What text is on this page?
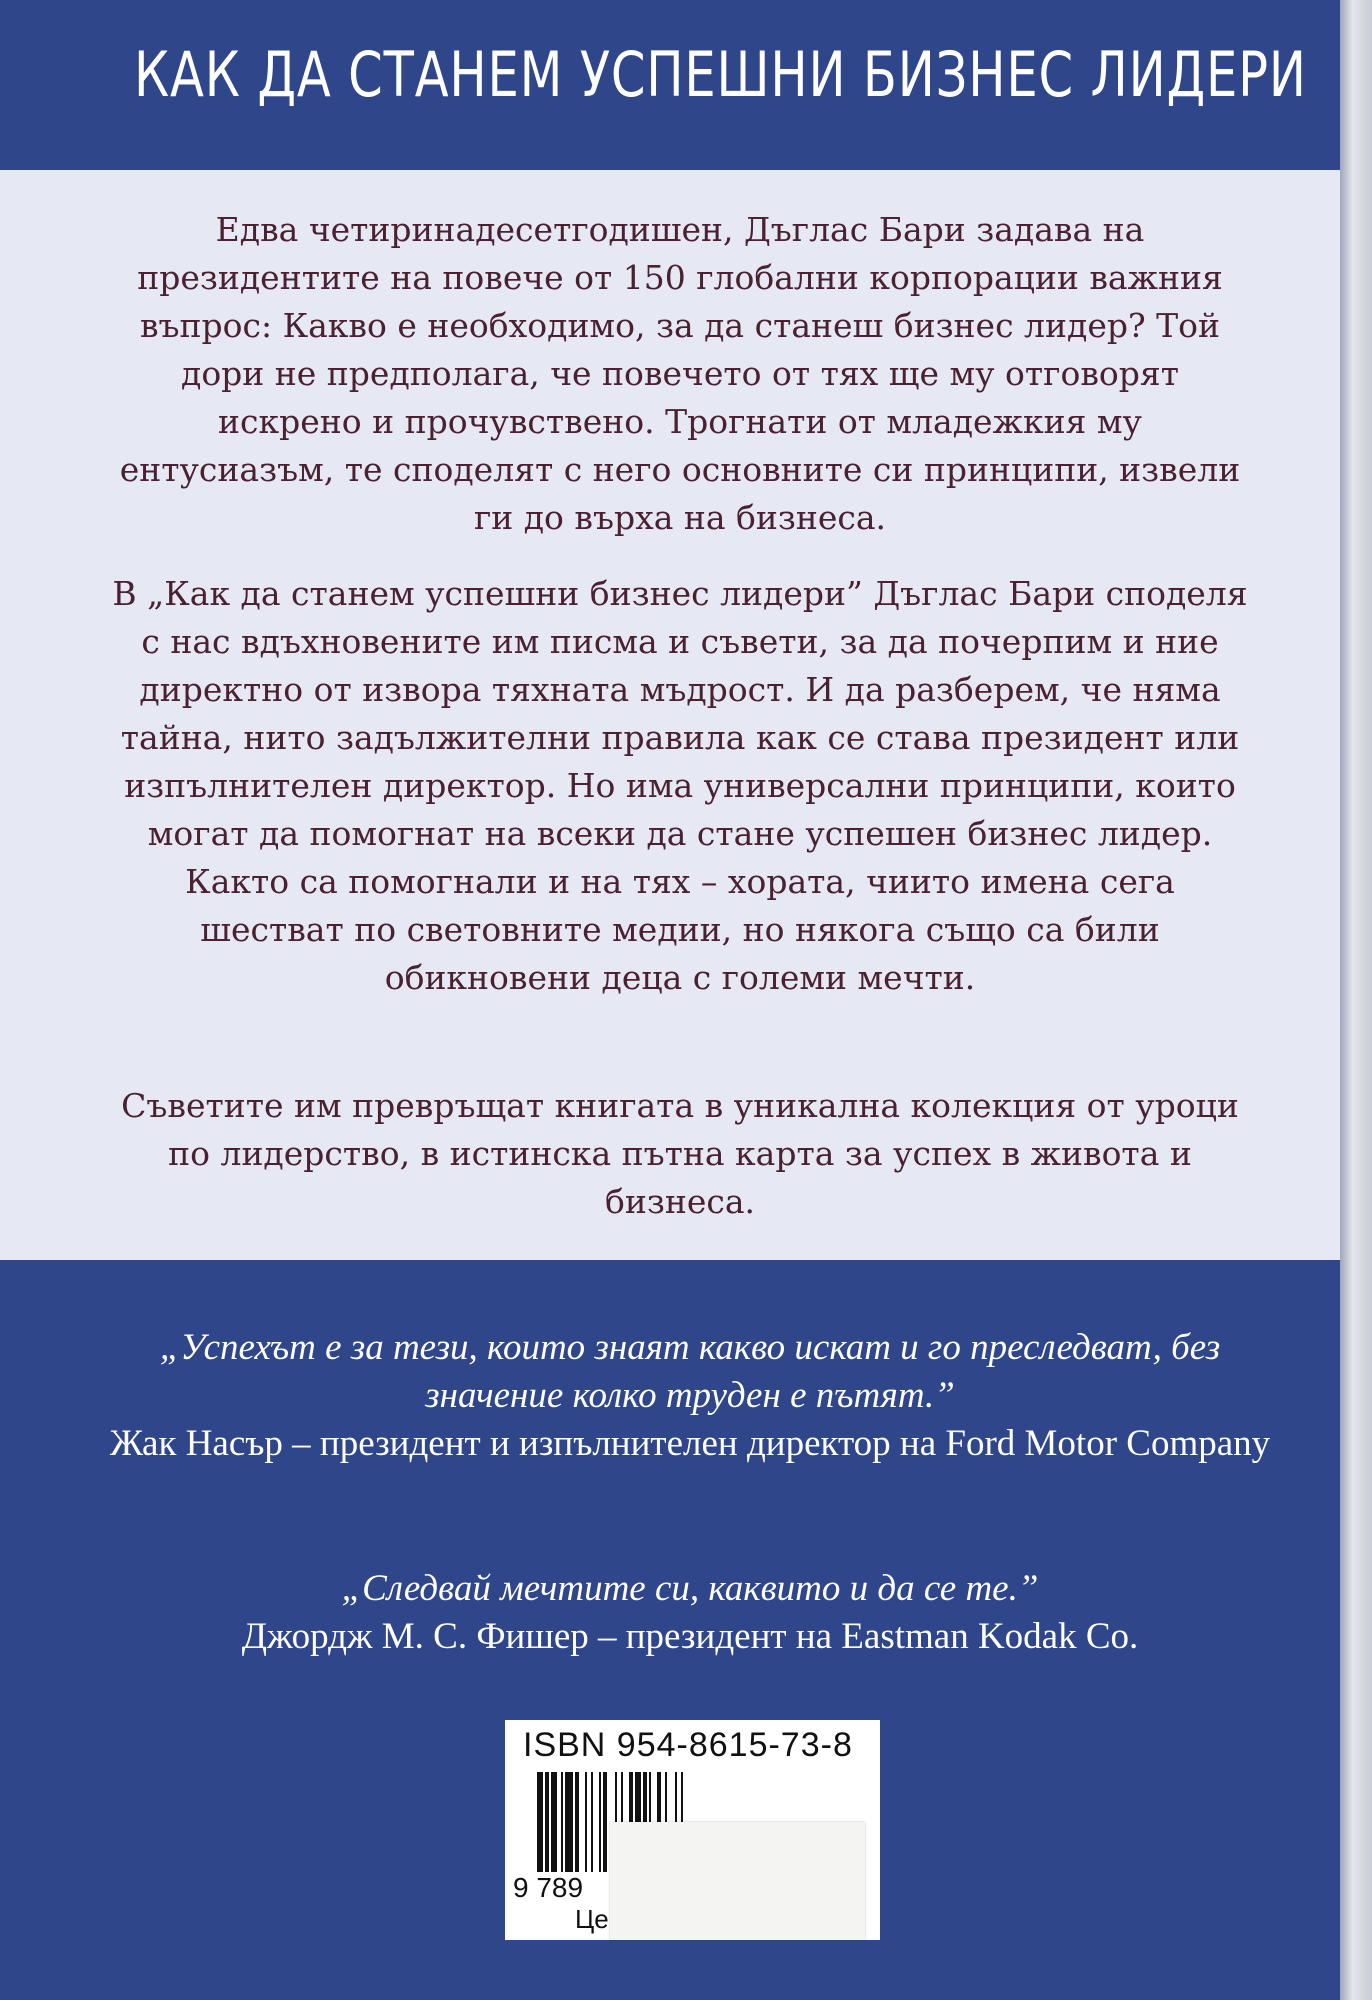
КАК ДА СТАНЕМ УСПЕШНИ БИЗНЕС ЛИДЕРИ

Едва четиринадесетгодишен, Дъглас Бари задава на президентите на повече от 150 глобални корпорации важния въпрос: Какво е необходимо, за да станеш бизнес лидер? Той дори не предполага, че повечето от тях ще му отговорят искрено и прочувствено. Трогнати от младежкия му ентусиазъм, те споделят с него основните си принципи, извели ги до върха на бизнеса.

В „Как да станем успешни бизнес лидери” Дъглас Бари споделя с нас вдъхновените им писма и съвети, за да почерпим и ние директно от извора тяхната мъдрост. И да разберем, че няма тайна, нито задължителни правила как се става президент или изпълнителен директор. Но има универсални принципи, които могат да помогнат на всеки да стане успешен бизнес лидер. Както са помогнали и на тях – хората, чиито имена сега шестват по световните медии, но някога също са били обикновени деца с големи мечти.

Съветите им превръщат книгата в уникална колекция от уроци по лидерство, в истинска пътна карта за успех в живота и бизнеса.

„Успехът е за тези, които знаят какво искат и го преследват, без значение колко труден е пътят.”

Жак Насър – президент и изпълнителен директор на Ford Motor Company

„Следвай мечтите си, каквито и да се те.”

Джордж М. С. Фишер – президент на Eastman Kodak Co.

ISBN 954-8615-73-8
9 789
Це
